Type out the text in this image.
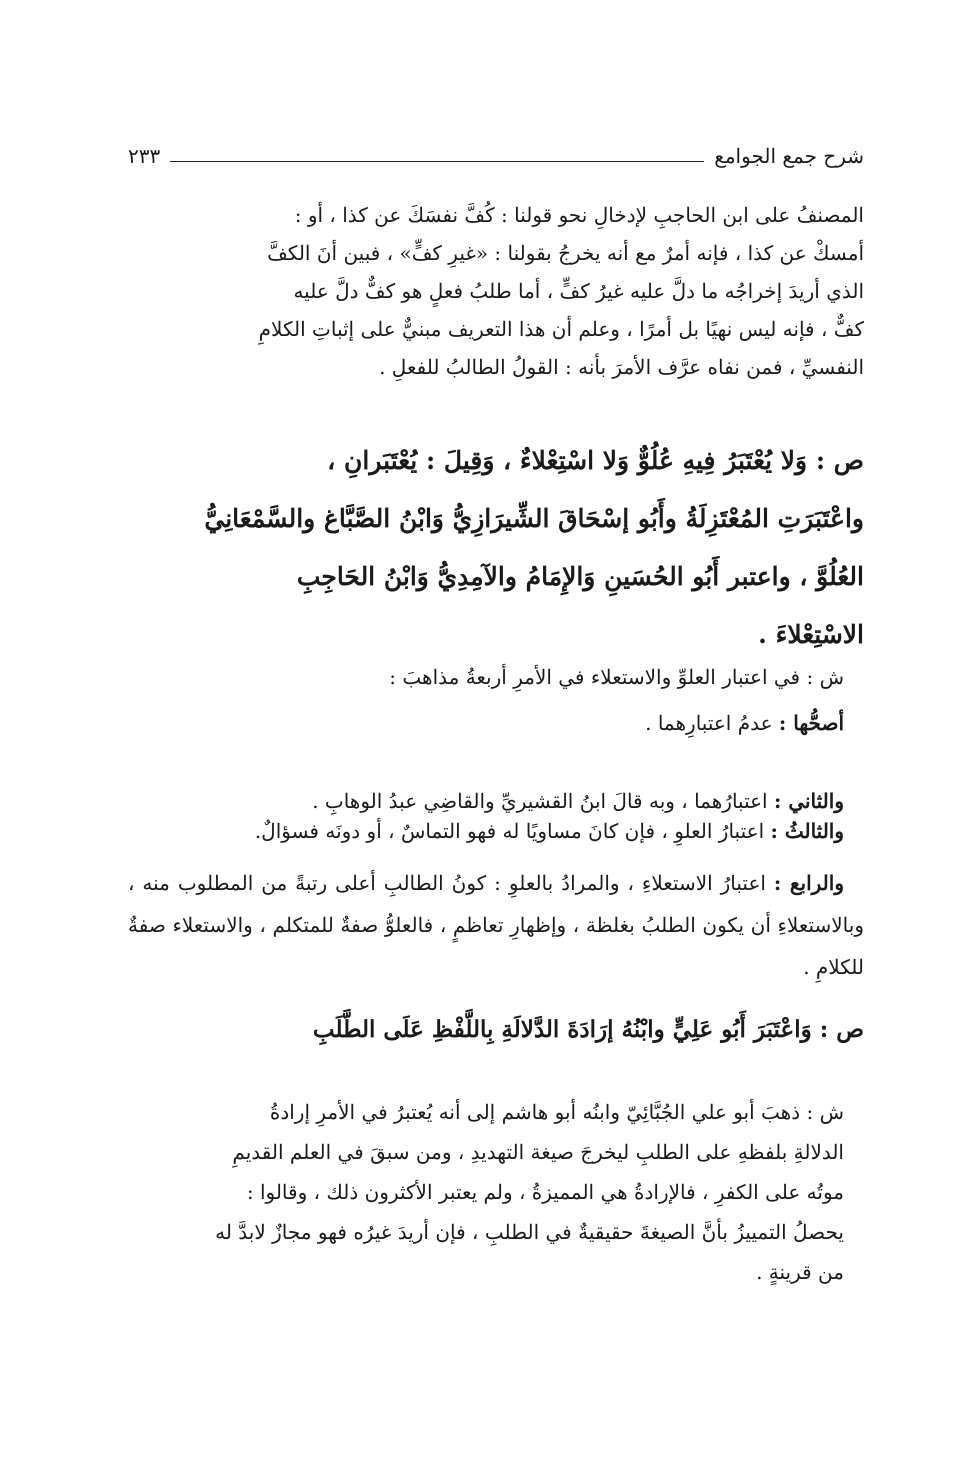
شرح جمع الجوامع
٢٣٣

المصنفُ على ابن الحاجبِ لإدخالِ نحو قولنا : كُفَّ نفسَكَ عن كذا ، أو :
أمسكْ عن كذا ، فإنه أمرٌ مع أنه يخرجُ بقولنا : «غيرِ كفٍّ» ، فبين أنَ الكفَّ
الذي أريدَ إخراجُه ما دلَّ عليه غيرُ كفٍّ ، أما طلبُ فعلٍ هو كفٌّ دلَّ عليه
كفٌّ ، فإنه ليس نهيًا بل أمرًا ، وعلم أن هذا التعريف مبنيٌّ على إثباتِ الكلامِ
النفسيِّ ، فمن نفاه عرَّف الأمرَ بأنه : القولُ الطالبُ للفعلِ .

ص : وَلا يُعْتَبَرُ فِيهِ عُلُوٌّ وَلا اسْتِعْلاءٌ ، وَقِيلَ : يُعْتَبَرانِ ،
واعْتَبَرَتِ المُعْتَزِلَةُ وأَبُو إسْحَاقَ الشِّيرَازِيُّ وَابْنُ الصَّبَّاغ والسَّمْعَانِيُّ
العُلُوَّ ، واعتبر أَبُو الحُسَينِ وَالإِمَامُ والآمِدِيُّ وَابْنُ الحَاجِبِ
الاسْتِعْلاءَ .

ش : في اعتبار العلوِّ والاستعلاء في الأمرِ أربعةُ مذاهبَ :

أصحُّها : عدمُ اعتبارِهما .

والثاني : اعتبارُهما ، وبه قالَ ابنُ القشيريِّ والقاضِي عبدُ الوهابِ .

والثالثُ : اعتبارُ العلوِ ، فإن كانَ مساويًا له فهو التماسٌ ، أو دونَه فسؤالٌ.

والرابع : اعتبارُ الاستعلاءِ ، والمرادُ بالعلوِ : كونُ الطالبِ أعلى رتبةً من المطلوب منه ، وبالاستعلاءِ أن يكون الطلبُ بغلظة ، وإظهارِ تعاظمٍ ، فالعلوُّ صفةٌ للمتكلم ، والاستعلاء صفةٌ للكلامِ .

ص : وَاعْتَبَرَ أَبُو عَلِيٍّ وابْنُهُ إرَادَةَ الدَّلالَةِ بِاللَّفْظِ عَلَى الطَّلَبِ

ش : ذهبَ أبو علي الجُبَّائِيّ وابنُه أبو هاشم إلى أنه يُعتبرُ في الأمرِ إرادةُ
الدلالةِ بلفظهِ على الطلبِ ليخرجَ صيغة التهديدِ ، ومن سبقَ في العلم القديمِ
موتُه على الكفرِ ، فالإرادةُ هي المميزةُ ، ولم يعتبر الأكثرون ذلك ، وقالوا :
يحصلُ التمييزُ بأنَّ الصيغةَ حقيقيةٌ في الطلبِ ، فإن أريدَ غيرُه فهو مجازٌ لابدَّ له
من قرينةٍ .
